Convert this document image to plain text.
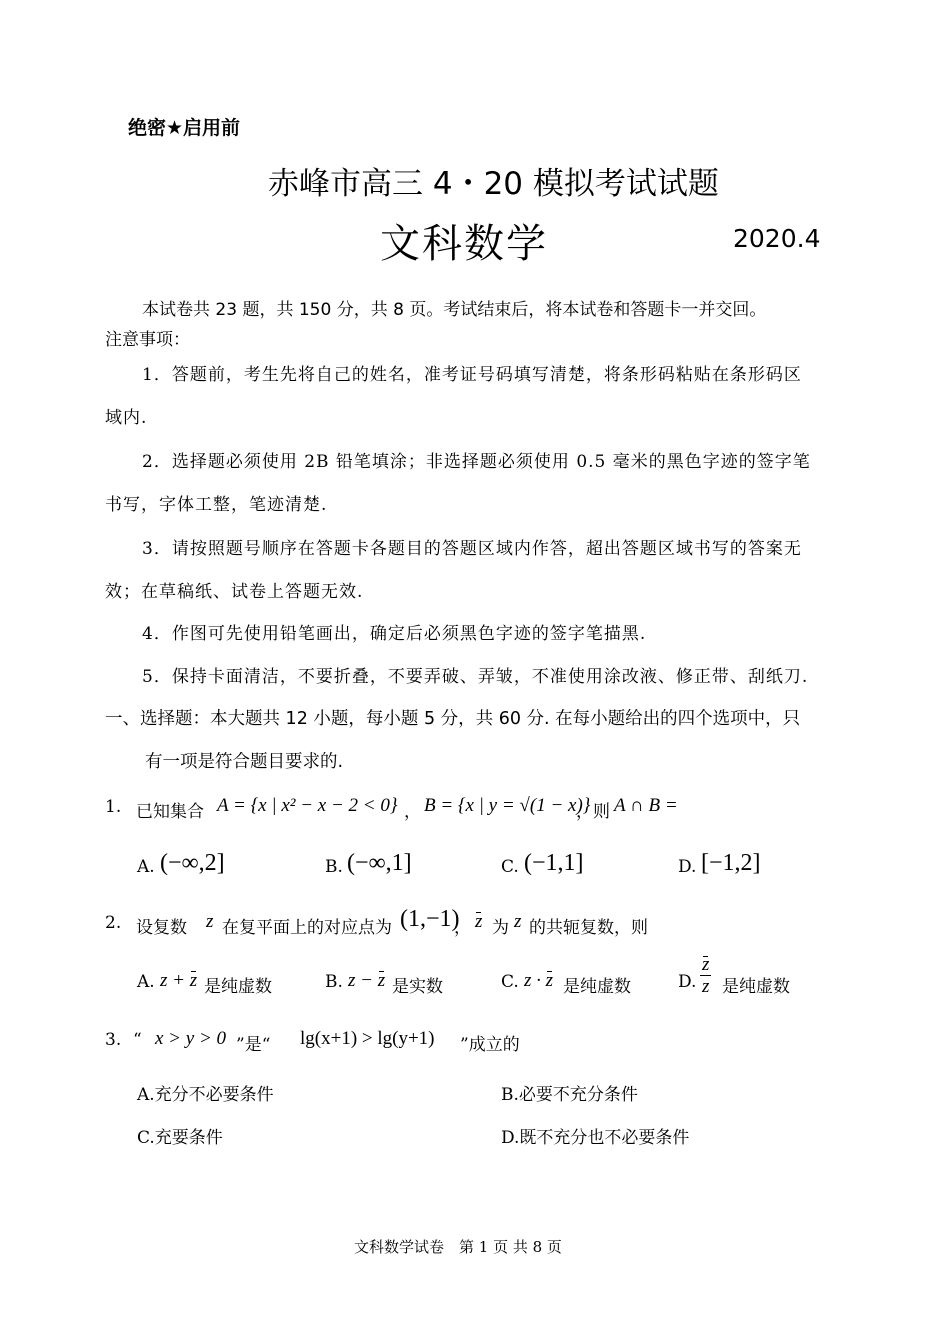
绝密★启用前
赤峰市高三 4・20 模拟考试试题
文科数学	2020.4
本试卷共 23 题，共 150 分，共 8 页。考试结束后，将本试卷和答题卡一并交回。
注意事项：
1．答题前，考生先将自己的姓名，准考证号码填写清楚，将条形码粘贴在条形码区
域内.
2．选择题必须使用 2B 铅笔填涂；非选择题必须使用 0.5 毫米的黑色字迹的签字笔
书写，字体工整，笔迹清楚.
3．请按照题号顺序在答题卡各题目的答题区域内作答，超出答题区域书写的答案无
效；在草稿纸、试卷上答题无效.
4．作图可先使用铅笔画出，确定后必须黑色字迹的签字笔描黑.
5．保持卡面清洁，不要折叠，不要弄破、弄皱，不准使用涂改液、修正带、刮纸刀.
一、选择题：本大题共 12 小题，每小题 5 分，共 60 分. 在每小题给出的四个选项中，只
有一项是符合题目要求的.
1. 已知集合 A = {x | x² − x − 2 < 0} ， B = {x | y = √(1 − x)}
，则 A ∩ B =
A. (−∞,2]	B. (−∞,1]	C. (−1,1]	D. [−1,2]
2. 设复数 z 在复平面上的对应点为 (1,−1)
， z 为 z 的共轭复数，则
A. z + z 是纯虚数	B. z − z 是实数	C. z · z 是纯虚数	D. $\frac{z}{z}$ 是纯虚数
3. “ x > y > 0 ”是“ lg(x+1) > lg(y+1) ”成立的
A.充分不必要条件	B.必要不充分条件
C.充要条件	D.既不充分也不必要条件
文科数学试卷　第 1 页 共 8 页
